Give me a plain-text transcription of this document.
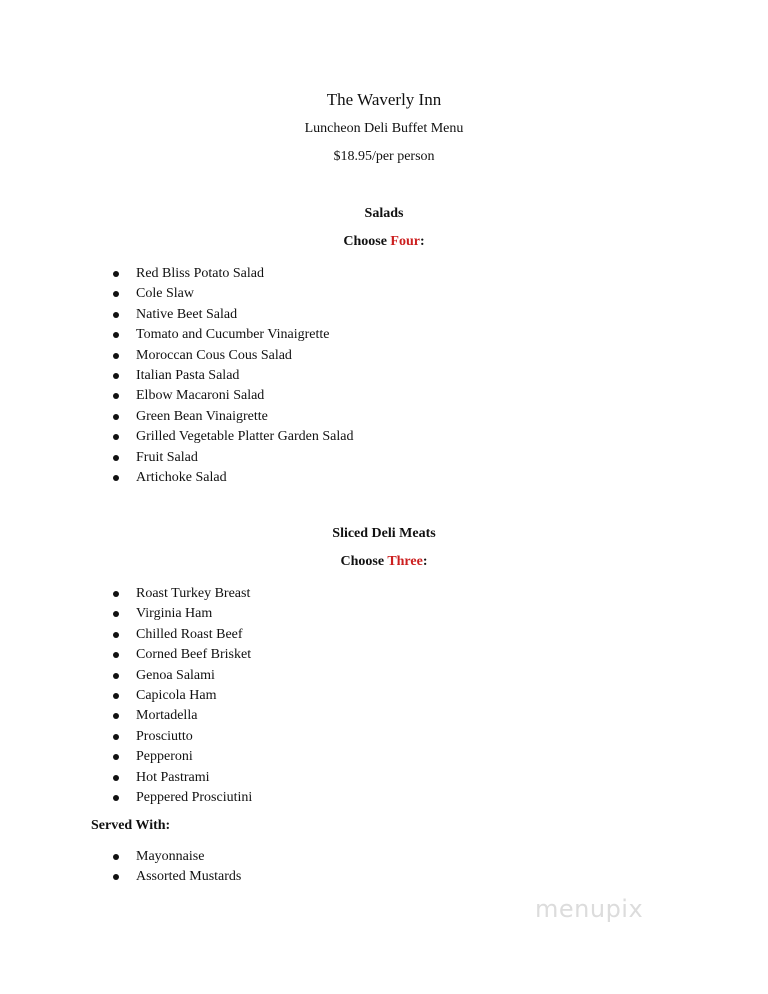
The Waverly Inn
Luncheon Deli Buffet Menu
$18.95/per person
Salads
Choose Four:
Red Bliss Potato Salad
Cole Slaw
Native Beet Salad
Tomato and Cucumber Vinaigrette
Moroccan Cous Cous Salad
Italian Pasta Salad
Elbow Macaroni Salad
Green Bean Vinaigrette
Grilled Vegetable Platter Garden Salad
Fruit Salad
Artichoke Salad
Sliced Deli Meats
Choose Three:
Roast Turkey Breast
Virginia Ham
Chilled Roast Beef
Corned Beef Brisket
Genoa Salami
Capicola Ham
Mortadella
Prosciutto
Pepperoni
Hot Pastrami
Peppered Prosciutini
Served With:
Mayonnaise
Assorted Mustards
menupix
